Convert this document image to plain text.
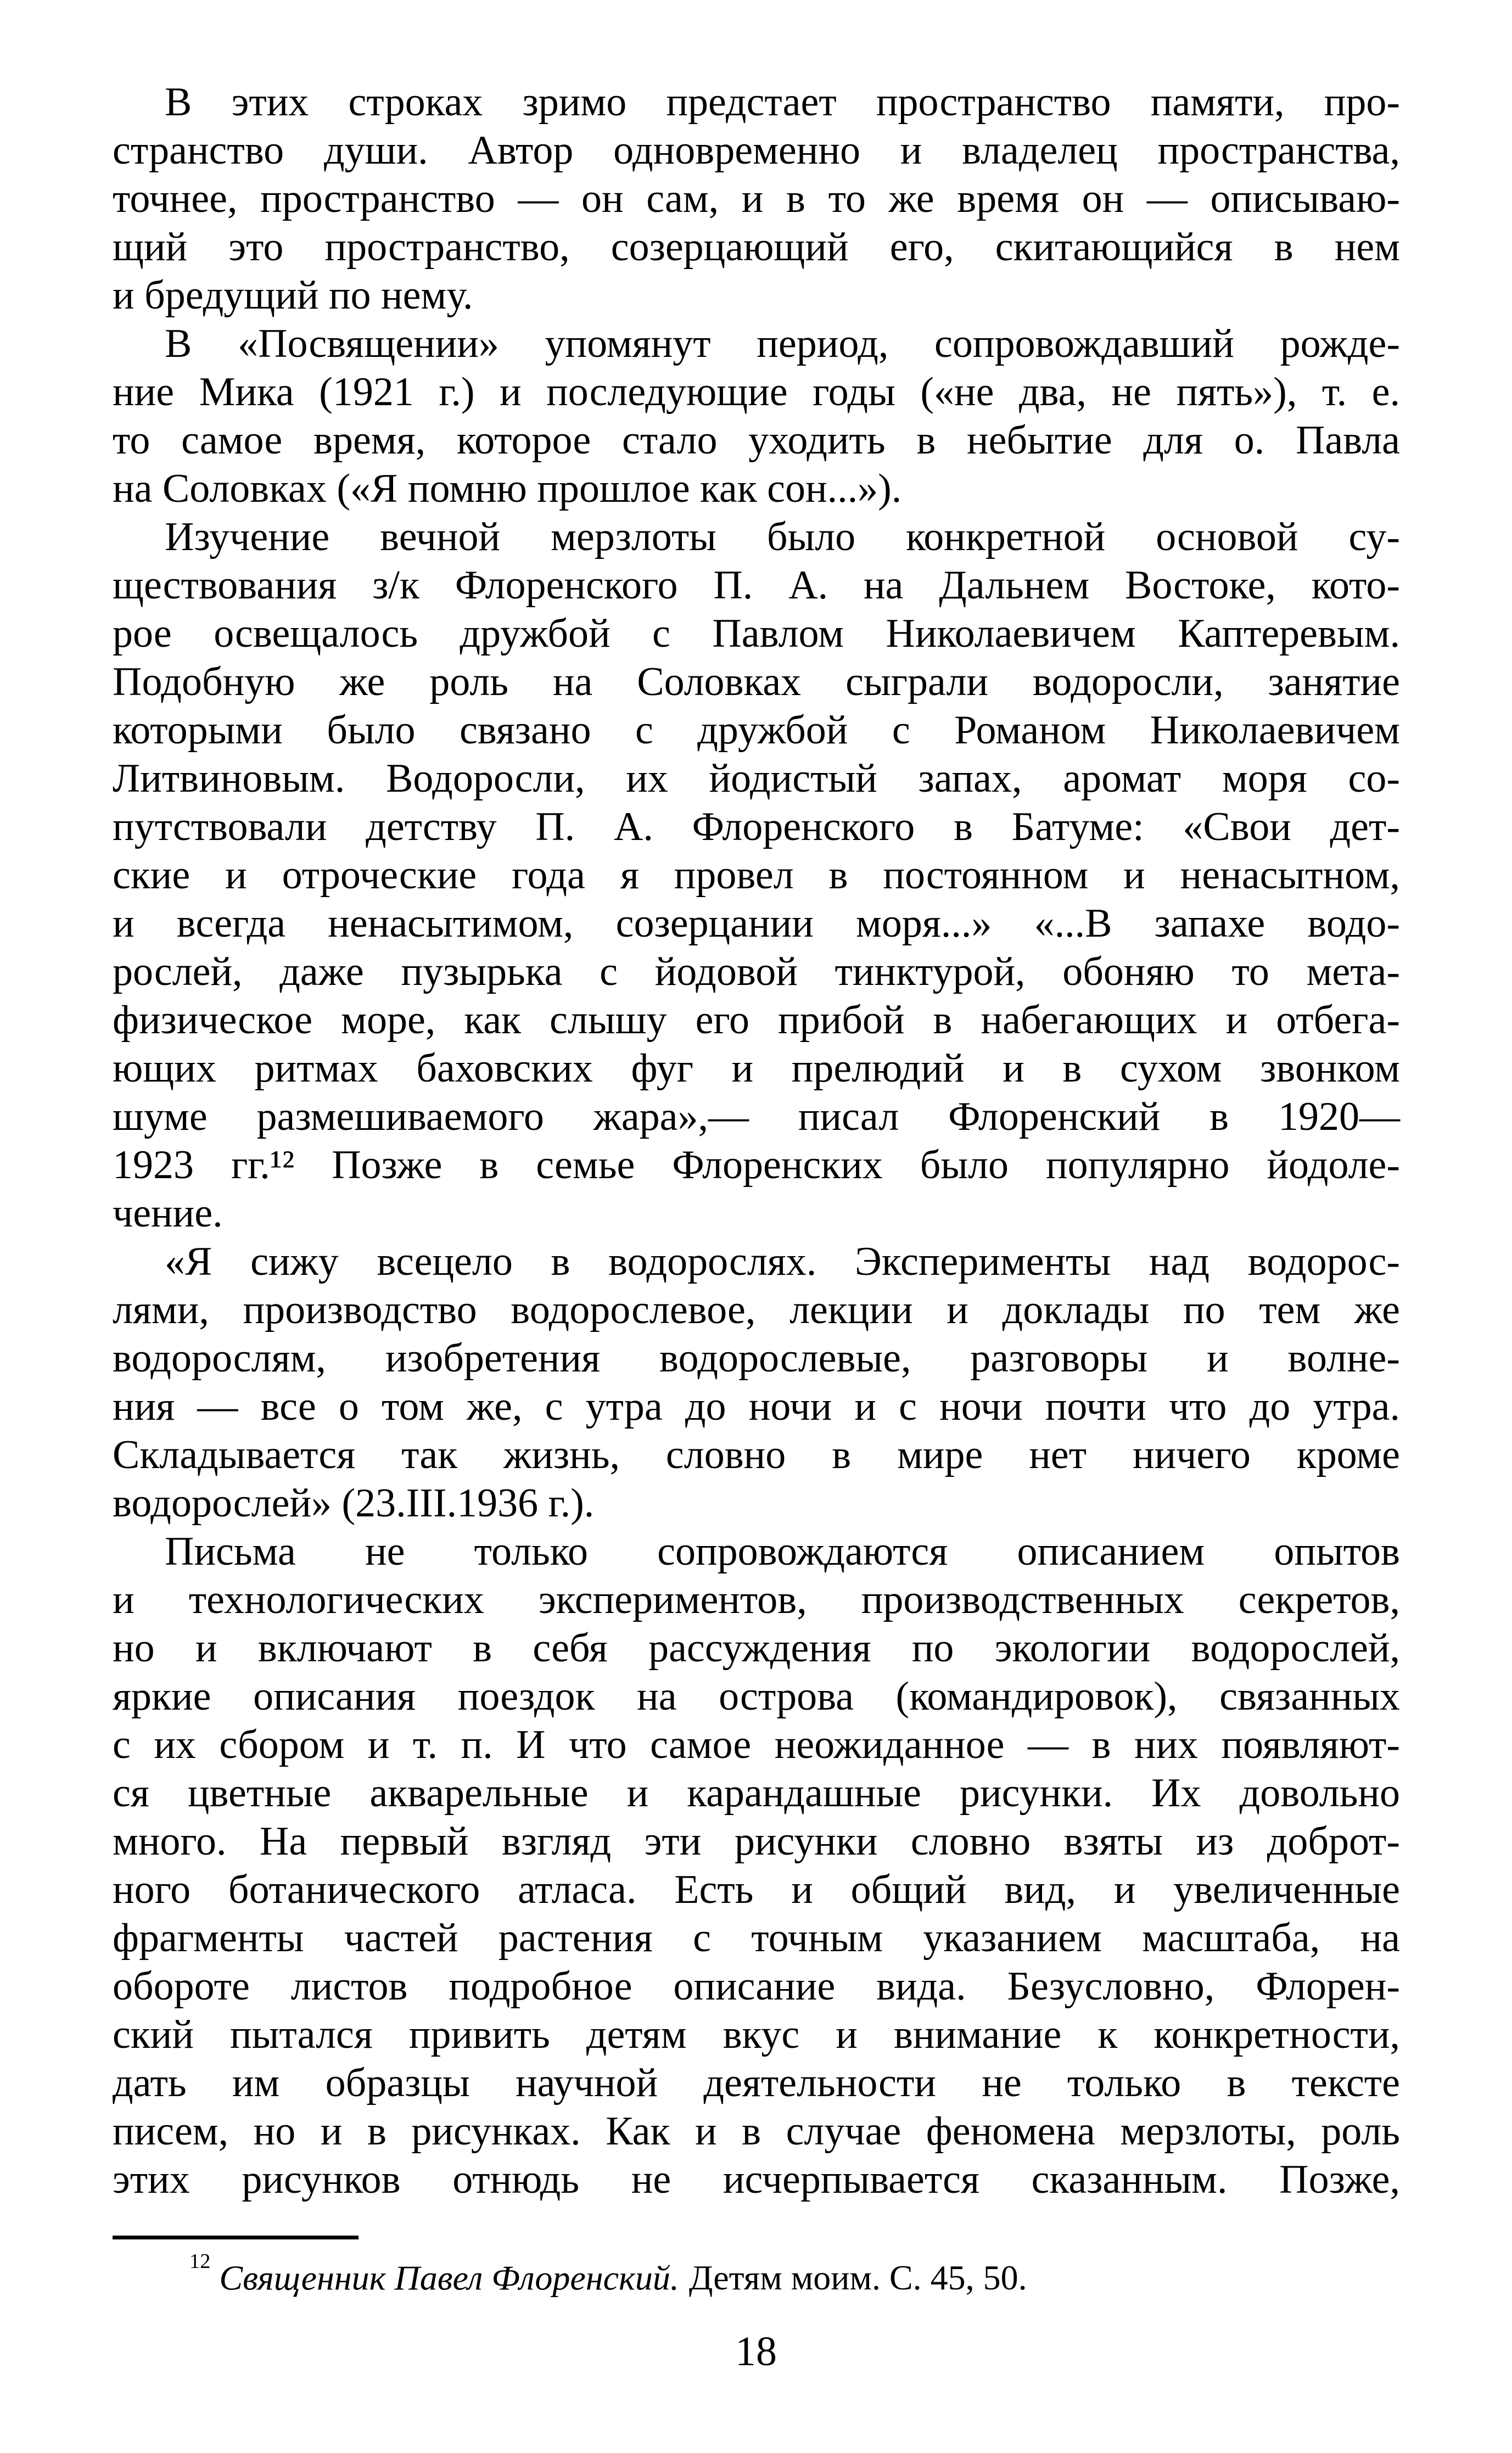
В этих строках зримо предстает пространство памяти, про-
странство души. Автор одновременно и владелец пространства,
точнее, пространство — он сам, и в то же время он — описываю-
щий это пространство, созерцающий его, скитающийся в нем
и бредущий по нему.
В «Посвящении» упомянут период, сопровождавший рожде-
ние Мика (1921 г.) и последующие годы («не два, не пять»), т. е.
то самое время, которое стало уходить в небытие для о. Павла
на Соловках («Я помню прошлое как сон...»).
Изучение вечной мерзлоты было конкретной основой су-
ществования з/к Флоренского П. А. на Дальнем Востоке, кото-
рое освещалось дружбой с Павлом Николаевичем Каптеревым.
Подобную же роль на Соловках сыграли водоросли, занятие
которыми было связано с дружбой с Романом Николаевичем
Литвиновым. Водоросли, их йодистый запах, аромат моря со-
путствовали детству П. А. Флоренского в Батуме: «Свои дет-
ские и отроческие года я провел в постоянном и ненасытном,
и всегда ненасытимом, созерцании моря...» «...В запахе водо-
рослей, даже пузырька с йодовой тинктурой, обоняю то мета-
физическое море, как слышу его прибой в набегающих и отбега-
ющих ритмах баховских фуг и прелюдий и в сухом звонком
шуме размешиваемого жара»,— писал Флоренский в 1920—
1923 гг.¹² Позже в семье Флоренских было популярно йодоле-
чение.
«Я сижу всецело в водорослях. Эксперименты над водорос-
лями, производство водорослевое, лекции и доклады по тем же
водорослям, изобретения водорослевые, разговоры и волне-
ния — все о том же, с утра до ночи и с ночи почти что до утра.
Складывается так жизнь, словно в мире нет ничего кроме
водорослей» (23.III.1936 г.).
Письма не только сопровождаются описанием опытов
и технологических экспериментов, производственных секретов,
но и включают в себя рассуждения по экологии водорослей,
яркие описания поездок на острова (командировок), связанных
с их сбором и т. п. И что самое неожиданное — в них появляют-
ся цветные акварельные и карандашные рисунки. Их довольно
много. На первый взгляд эти рисунки словно взяты из доброт-
ного ботанического атласа. Есть и общий вид, и увеличенные
фрагменты частей растения с точным указанием масштаба, на
обороте листов подробное описание вида. Безусловно, Флорен-
ский пытался привить детям вкус и внимание к конкретности,
дать им образцы научной деятельности не только в тексте
писем, но и в рисунках. Как и в случае феномена мерзлоты, роль
этих рисунков отнюдь не исчерпывается сказанным. Позже,
$^{12}$ Священник Павел Флоренский. Детям моим. С. 45, 50.
18
